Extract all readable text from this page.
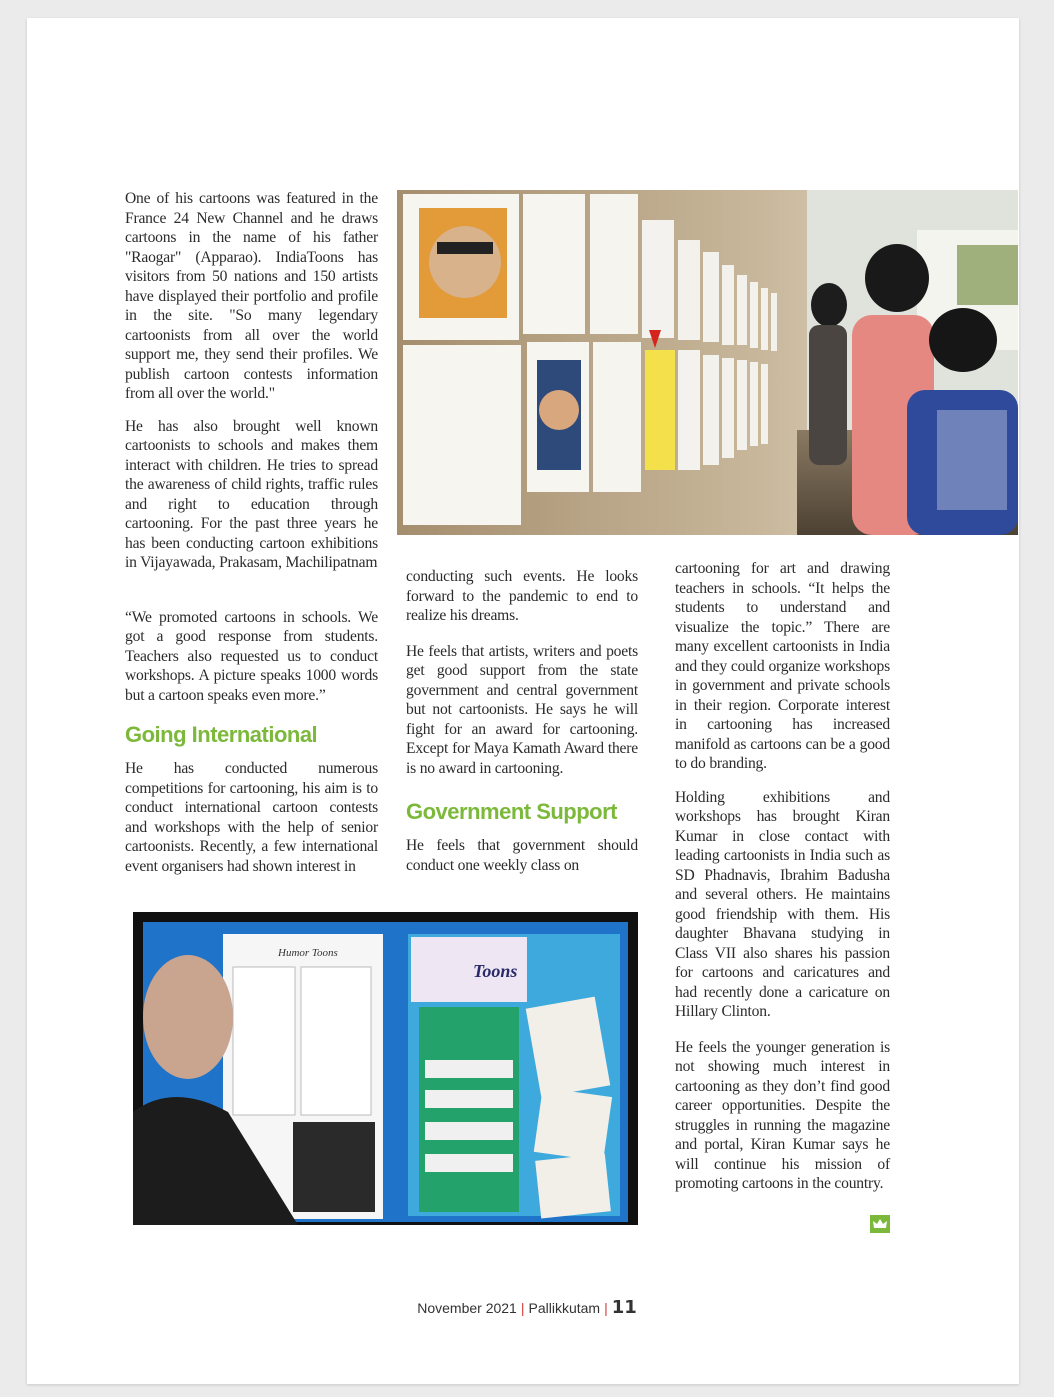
One of his cartoons was featured in the France 24 New Channel and he draws cartoons in the name of his father "Raogar" (Apparao). IndiaToons has visitors from 50 nations and 150 artists have displayed their portfolio and profile in the site. "So many legendary cartoonists from all over the world support me, they send their profiles. We publish cartoon contests information from all over the world."

He has also brought well known cartoonists to schools and makes them interact with children. He tries to spread the awareness of child rights, traffic rules and right to education through cartooning. For the past three years he has been conducting cartoon exhibitions in Vijayawada, Prakasam, Machilipatnam

“We promoted cartoons in schools. We got a good response from students. Teachers also requested us to conduct workshops. A picture speaks 1000 words but a cartoon speaks even more.”

Going International

He has conducted numerous competitions for cartooning, his aim is to conduct international cartoon contests and workshops with the help of senior cartoonists. Recently, a few international event organisers had shown interest in

conducting such events. He looks forward to the pandemic to end to realize his dreams.

He feels that artists, writers and poets get good support from the state government and central government but not cartoonists. He says he will fight for an award for cartooning. Except for Maya Kamath Award there is no award in cartooning.

Government Support

He feels that government should conduct one weekly class on

cartooning for art and drawing teachers in schools. “It helps the students to understand and visualize the topic.” There are many excellent cartoonists in India and they could organize workshops in government and private schools in their region. Corporate interest in cartooning has increased manifold as cartoons can be a good to do branding.

Holding exhibitions and workshops has brought Kiran Kumar in close contact with leading cartoonists in India such as SD Phadnavis, Ibrahim Badusha and several others. He maintains good friendship with them. His daughter Bhavana studying in Class VII also shares his passion for cartoons and caricatures and had recently done a caricature on Hillary Clinton.

He feels the younger generation is not showing much interest in cartooning as they don’t find good career opportunities. Despite the struggles in running the magazine and portal, Kiran Kumar says he will continue his mission of promoting cartoons in the country.

Humor Toons
Toons
November 2021 | Pallikkutam | 11
